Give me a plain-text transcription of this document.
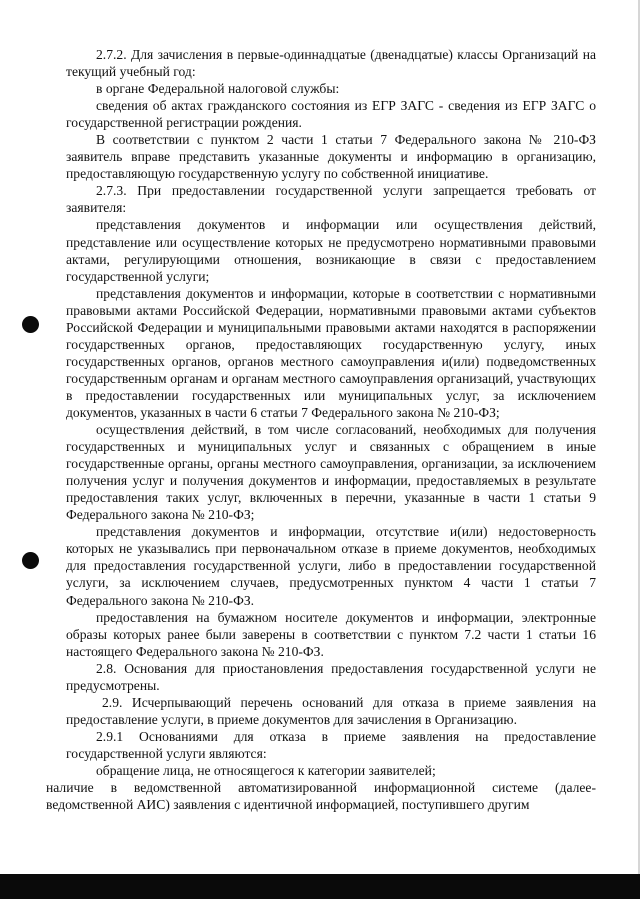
2.7.2. Для зачисления в первые-одиннадцатые (двенадцатые) классы Организаций на текущий учебный год:

в органе Федеральной налоговой службы:

сведения об актах гражданского состояния из ЕГР ЗАГС - сведения из ЕГР ЗАГС о государственной регистрации рождения.

В соответствии с пунктом 2 части 1 статьи 7 Федерального закона № 210-ФЗ заявитель вправе представить указанные документы и информацию в организацию, предоставляющую государственную услугу по собственной инициативе.

2.7.3. При предоставлении государственной услуги запрещается требовать от заявителя:

представления документов и информации или осуществления действий, представление или осуществление которых не предусмотрено нормативными правовыми актами, регулирующими отношения, возникающие в связи с предоставлением государственной услуги;

представления документов и информации, которые в соответствии с нормативными правовыми актами Российской Федерации, нормативными правовыми актами субъектов Российской Федерации и муниципальными правовыми актами находятся в распоряжении государственных органов, предоставляющих государственную услугу, иных государственных органов, органов местного самоуправления и(или) подведомственных государственным органам и органам местного самоуправления организаций, участвующих в предоставлении государственных или муниципальных услуг, за исключением документов, указанных в части 6 статьи 7 Федерального закона № 210-ФЗ;

осуществления действий, в том числе согласований, необходимых для получения государственных и муниципальных услуг и связанных с обращением в иные государственные органы, органы местного самоуправления, организации, за исключением получения услуг и получения документов и информации, предоставляемых в результате предоставления таких услуг, включенных в перечни, указанные в части 1 статьи 9 Федерального закона № 210-ФЗ;

представления документов и информации, отсутствие и(или) недостоверность которых не указывались при первоначальном отказе в приеме документов, необходимых для предоставления государственной услуги, либо в предоставлении государственной услуги, за исключением случаев, предусмотренных пунктом 4 части 1 статьи 7 Федерального закона № 210-ФЗ.

предоставления на бумажном носителе документов и информации, электронные образы которых ранее были заверены в соответствии с пунктом 7.2 части 1 статьи 16 настоящего Федерального закона № 210-ФЗ.

2.8. Основания для приостановления предоставления государственной услуги не предусмотрены.

2.9. Исчерпывающий перечень оснований для отказа в приеме заявления на предоставление услуги, в приеме документов для зачисления в Организацию.

2.9.1 Основаниями для отказа в приеме заявления на предоставление государственной услуги являются:

обращение лица, не относящегося к категории заявителей;

наличие в ведомственной автоматизированной информационной системе (далее-ведомственной АИС) заявления с идентичной информацией, поступившего другим
